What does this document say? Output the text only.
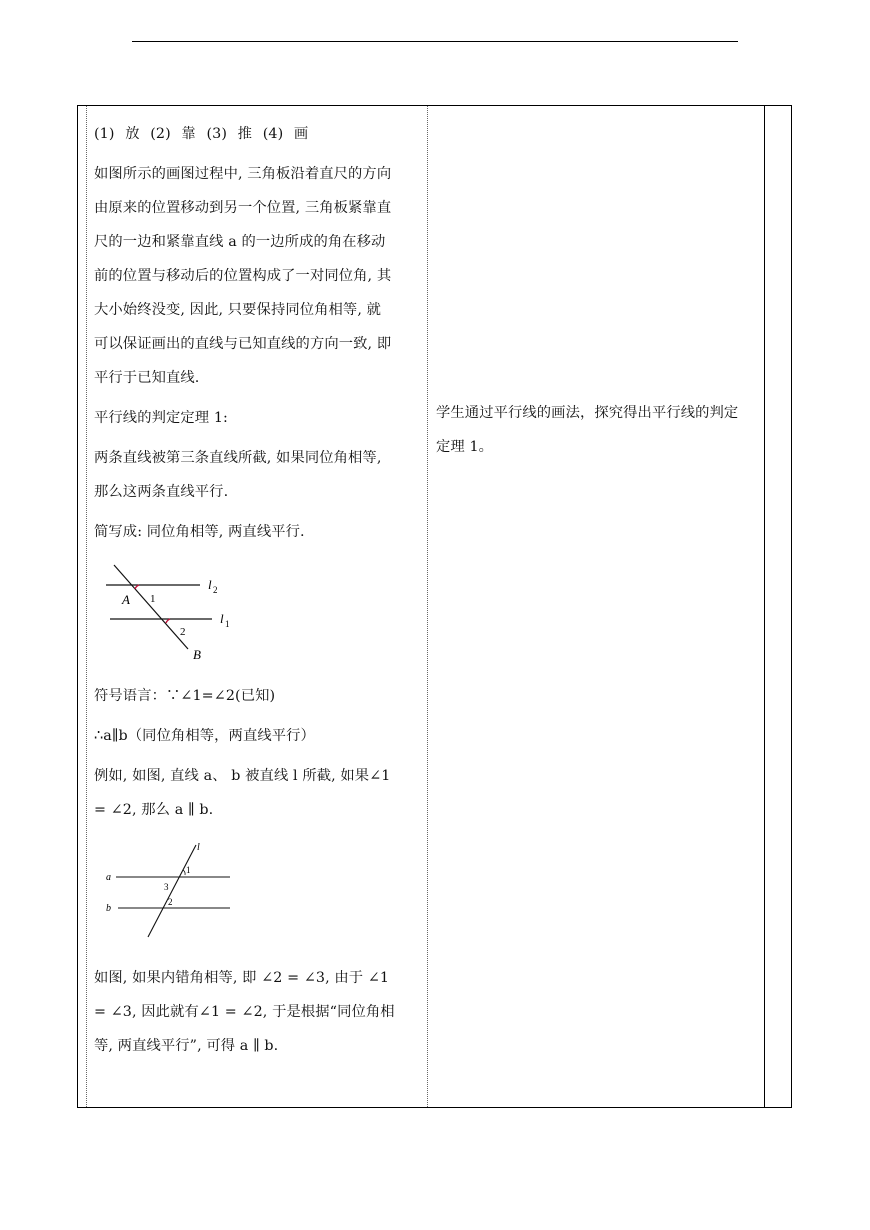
(1) 放 (2) 靠 (3) 推 (4) 画

如图所示的画图过程中, 三角板沿着直尺的方向

由原来的位置移动到另一个位置, 三角板紧靠直

尺的一边和紧靠直线 a 的一边所成的角在移动

前的位置与移动后的位置构成了一对同位角, 其

大小始终没变, 因此, 只要保持同位角相等, 就

可以保证画出的直线与已知直线的方向一致, 即

平行于已知直线.

平行线的判定定理 1:

两条直线被第三条直线所截, 如果同位角相等,

那么这两条直线平行.

简写成: 同位角相等, 两直线平行.

A 1
2
B
l 2
l 1

符号语言：∵∠1=∠2(已知)

∴a∥b（同位角相等，两直线平行）

例如, 如图, 直线 a、 b 被直线 l 所截, 如果∠1

= ∠2, 那么 a ∥ b.

l
a
b
1
3
2

如图, 如果内错角相等, 即 ∠2 = ∠3, 由于 ∠1

= ∠3, 因此就有∠1 = ∠2, 于是根据“同位角相

等, 两直线平行”, 可得 a ∥ b.

学生通过平行线的画法，探究得出平行线的判定

定理 1。
